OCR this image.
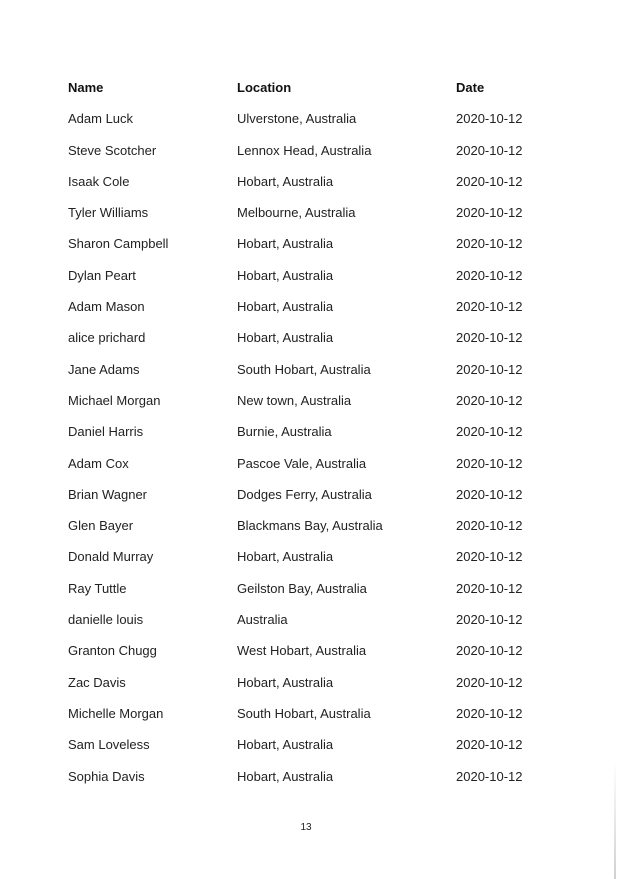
Name	Location	Date
Adam Luck	Ulverstone, Australia	2020-10-12
Steve Scotcher	Lennox Head, Australia	2020-10-12
Isaak Cole	Hobart, Australia	2020-10-12
Tyler Williams	Melbourne, Australia	2020-10-12
Sharon Campbell	Hobart, Australia	2020-10-12
Dylan Peart	Hobart, Australia	2020-10-12
Adam Mason	Hobart, Australia	2020-10-12
alice prichard	Hobart, Australia	2020-10-12
Jane Adams	South Hobart, Australia	2020-10-12
Michael Morgan	New town, Australia	2020-10-12
Daniel Harris	Burnie, Australia	2020-10-12
Adam Cox	Pascoe Vale, Australia	2020-10-12
Brian Wagner	Dodges Ferry, Australia	2020-10-12
Glen Bayer	Blackmans Bay, Australia	2020-10-12
Donald Murray	Hobart, Australia	2020-10-12
Ray Tuttle	Geilston Bay, Australia	2020-10-12
danielle louis	Australia	2020-10-12
Granton Chugg	West Hobart, Australia	2020-10-12
Zac Davis	Hobart, Australia	2020-10-12
Michelle Morgan	South Hobart, Australia	2020-10-12
Sam Loveless	Hobart, Australia	2020-10-12
Sophia Davis	Hobart, Australia	2020-10-12
13
